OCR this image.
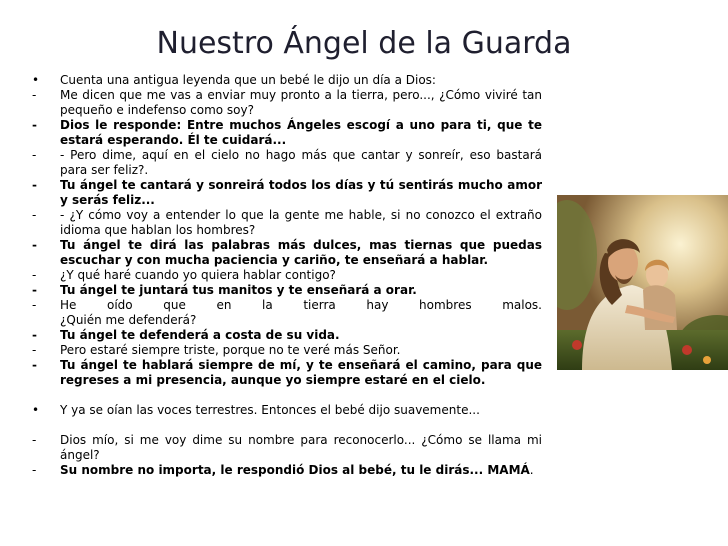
Nuestro Ángel de la Guarda
•	Cuenta una antigua leyenda que un bebé le dijo un día a Dios:
-	Me dicen que me vas a enviar muy pronto a la tierra, pero..., ¿Cómo viviré tan pequeño e indefenso como soy?
-	Dios le responde: Entre muchos Ángeles escogí a uno para ti, que te estará esperando. Él te cuidará...
-	- Pero dime, aquí en el cielo no hago más que cantar y sonreír, eso bastará para ser feliz?.
-	Tu ángel te cantará y sonreirá todos los días y tú sentirás mucho amor y serás feliz...
-	- ¿Y cómo voy a entender lo que la gente me hable, si no conozco el extraño idioma que hablan los hombres?
-	Tu ángel te dirá las palabras más dulces, mas tiernas que puedas escuchar y con mucha paciencia y cariño, te enseñará a hablar.
-	¿Y qué haré cuando yo quiera hablar contigo?
-	Tu ángel te juntará tus manitos y te enseñará a orar.
-	He oído que en la tierra hay hombres malos.
¿Quién me defenderá?
-	Tu ángel te defenderá a costa de su vida.
-	Pero estaré siempre triste, porque no te veré más Señor.
-	Tu ángel te hablará siempre de mí, y te enseñará el camino, para que regreses a mi presencia, aunque yo siempre estaré en el cielo.
•	Y ya se oían las voces terrestres. Entonces el bebé dijo suavemente...
-	Dios mío, si me voy dime su nombre para reconocerlo... ¿Cómo se llama mi ángel?
-	Su nombre no importa, le respondió Dios al bebé, tu le dirás... MAMÁ.
